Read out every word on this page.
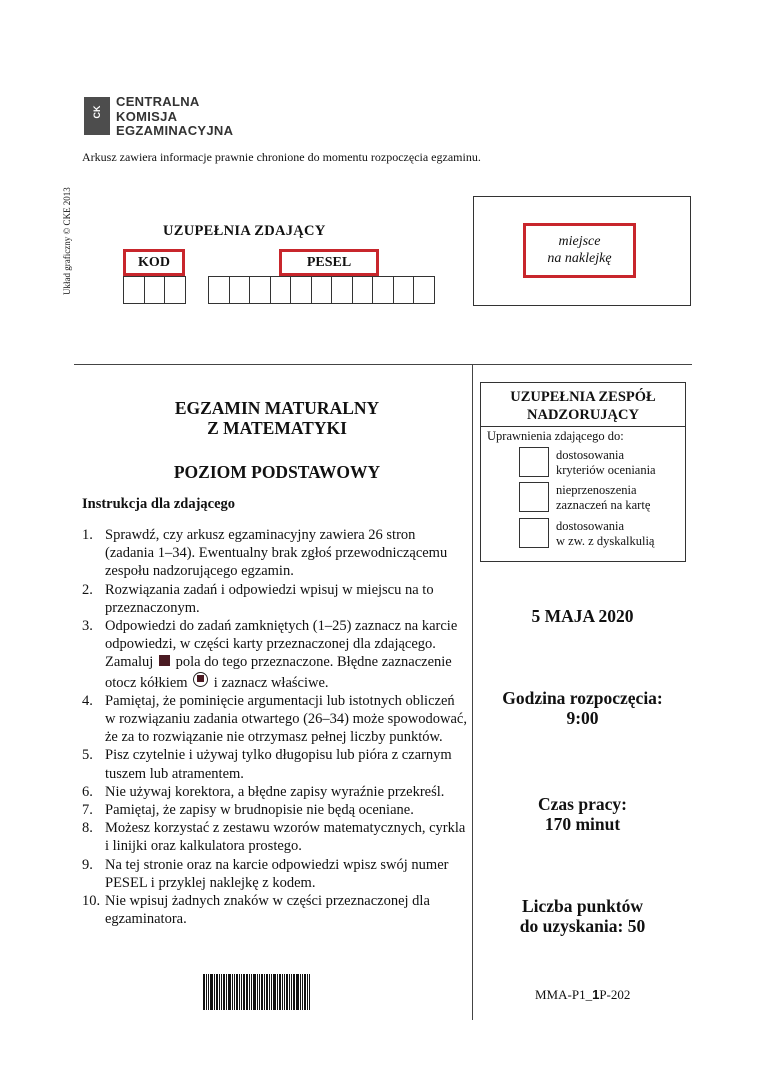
CK
CENTRALNA
KOMISJA
EGZAMINACYJNA
Arkusz zawiera informacje prawnie chronione do momentu rozpoczęcia egzaminu.
Układ graficzny © CKE 2013	UZUPEŁNIA ZDAJĄCY
KOD	PESEL
miejsce
na naklejkę
EGZAMIN MATURALNY
Z MATEMATYKI
POZIOM PODSTAWOWY
Instrukcja dla zdającego
1. Sprawdź, czy arkusz egzaminacyjny zawiera 26 stron (zadania 1–34). Ewentualny brak zgłoś przewodniczącemu zespołu nadzorującego egzamin.
2. Rozwiązania zadań i odpowiedzi wpisuj w miejscu na to przeznaczonym.
3. Odpowiedzi do zadań zamkniętych (1–25) zaznacz na karcie odpowiedzi, w części karty przeznaczonej dla zdającego. Zamaluj pola do tego przeznaczone. Błędne zaznaczenie otocz kółkiem i zaznacz właściwe.
4. Pamiętaj, że pominięcie argumentacji lub istotnych obliczeń w rozwiązaniu zadania otwartego (26–34) może spowodować, że za to rozwiązanie nie otrzymasz pełnej liczby punktów.
5. Pisz czytelnie i używaj tylko długopisu lub pióra z czarnym tuszem lub atramentem.
6. Nie używaj korektora, a błędne zapisy wyraźnie przekreśl.
7. Pamiętaj, że zapisy w brudnopisie nie będą oceniane.
8. Możesz korzystać z zestawu wzorów matematycznych, cyrkla i linijki oraz kalkulatora prostego.
9. Na tej stronie oraz na karcie odpowiedzi wpisz swój numer PESEL i przyklej naklejkę z kodem.
10. Nie wpisuj żadnych znaków w części przeznaczonej dla egzaminatora.
UZUPEŁNIA ZESPÓŁ
NADZORUJĄCY
Uprawnienia zdającego do:
dostosowania
kryteriów oceniania
nieprzenoszenia
zaznaczeń na kartę
dostosowania
w zw. z dyskalkulią
5 MAJA 2020
Godzina rozpoczęcia:
9:00
Czas pracy:
170 minut
Liczba punktów
do uzyskania: 50
MMA-P1_1P-202
